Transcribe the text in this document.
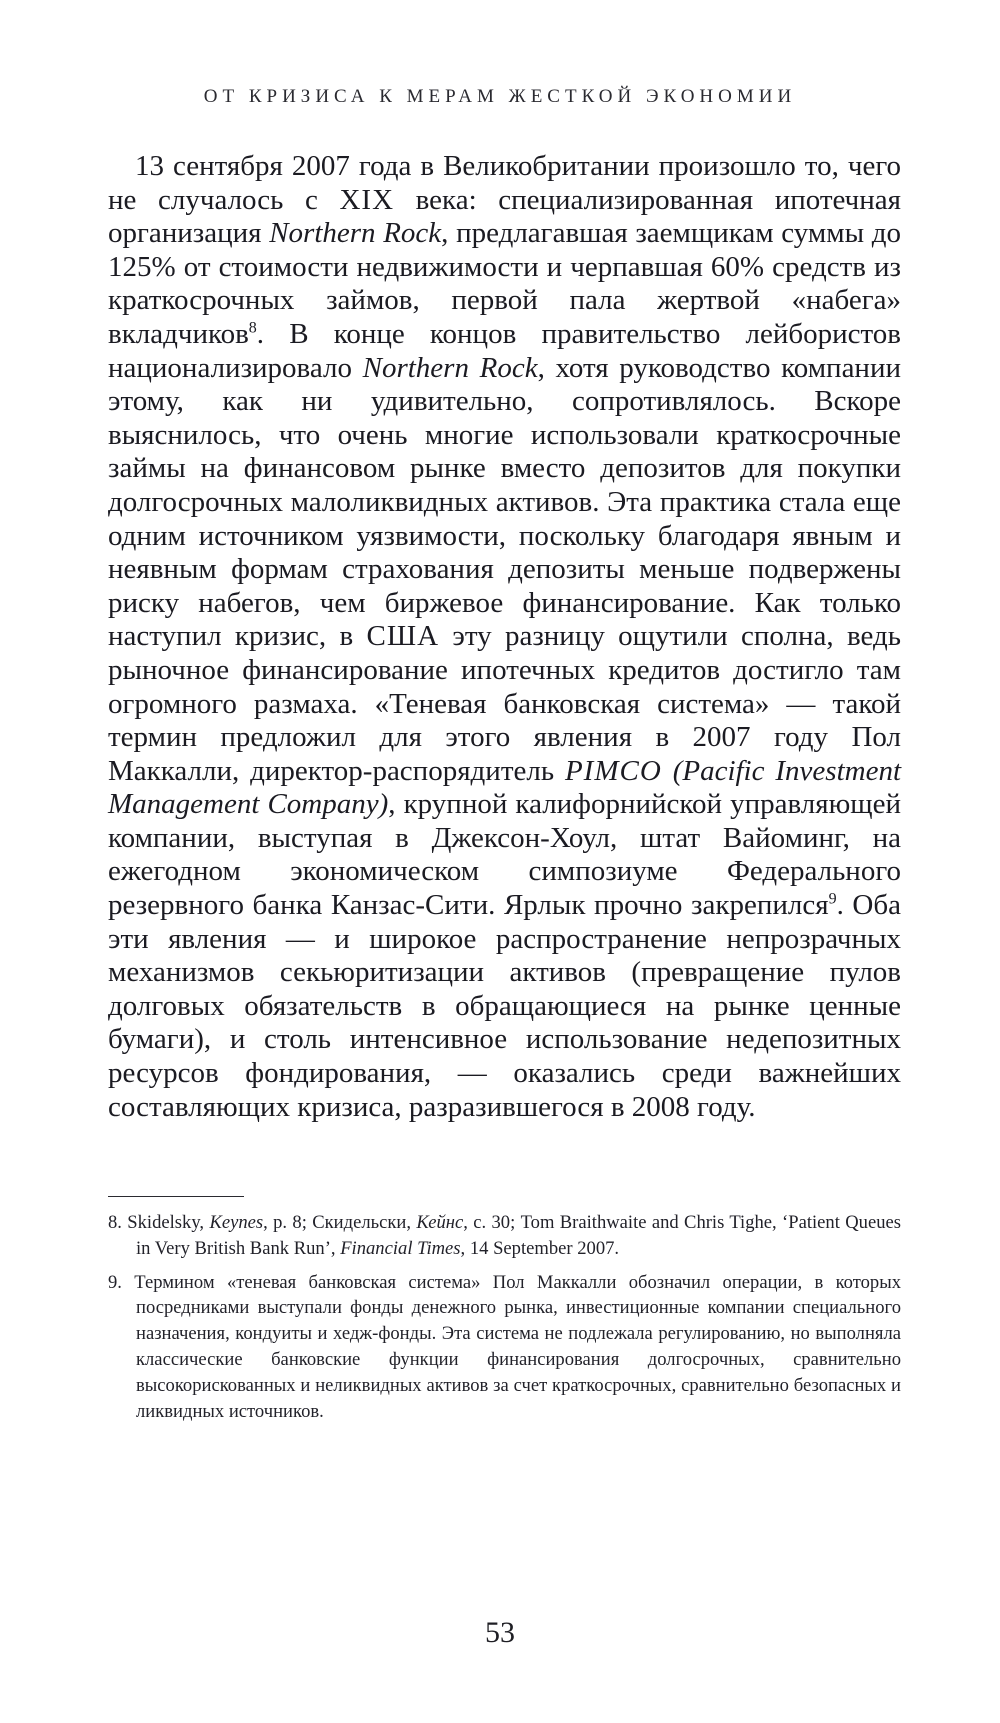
ОТ КРИЗИСА К МЕРАМ ЖЕСТКОЙ ЭКОНОМИИ

13 сентября 2007 года в Великобритании произошло то, чего не случалось с XIX века: специализированная ипотечная организация Northern Rock, предлагавшая заемщикам суммы до 125% от стоимости недвижимости и черпавшая 60% средств из краткосрочных займов, первой пала жертвой «набега» вкладчиков$^8$. В конце концов правительство лейбористов национализировало Northern Rock, хотя руководство компании этому, как ни удивительно, сопротивлялось. Вскоре выяснилось, что очень многие использовали краткосрочные займы на финансовом рынке вместо депозитов для покупки долгосрочных малоликвидных активов. Эта практика стала еще одним источником уязвимости, поскольку благодаря явным и неявным формам страхования депозиты меньше подвержены риску набегов, чем биржевое финансирование. Как только наступил кризис, в США эту разницу ощутили сполна, ведь рыночное финансирование ипотечных кредитов достигло там огромного размаха. «Теневая банковская система» — такой термин предложил для этого явления в 2007 году Пол Маккалли, директор-распорядитель PIMCO (Pacific Investment Management Company), крупной калифорнийской управляющей компании, выступая в Джексон-Хоул, штат Вайоминг, на ежегодном экономическом симпозиуме Федерального резервного банка Канзас-Сити. Ярлык прочно закрепился$^9$. Оба эти явления — и широкое распространение непрозрачных механизмов секьюритизации активов (превращение пулов долговых обязательств в обращающиеся на рынке ценные бумаги), и столь интенсивное использование недепозитных ресурсов фондирования, — оказались среди важнейших составляющих кризиса, разразившегося в 2008 году.

8. Skidelsky, Keynes, p. 8; Скидельски, Кейнс, с. 30; Tom Braithwaite and Chris Tighe, ‘Patient Queues in Very British Bank Run’, Financial Times, 14 September 2007.

9. Термином «теневая банковская система» Пол Маккалли обозначил операции, в которых посредниками выступали фонды денежного рынка, инвестиционные компании специального назначения, кондуиты и хедж-фонды. Эта система не подлежала регулированию, но выполняла классические банковские функции финансирования долгосрочных, сравнительно высокорискованных и неликвидных активов за счет краткосрочных, сравнительно безопасных и ликвидных источников.

53
